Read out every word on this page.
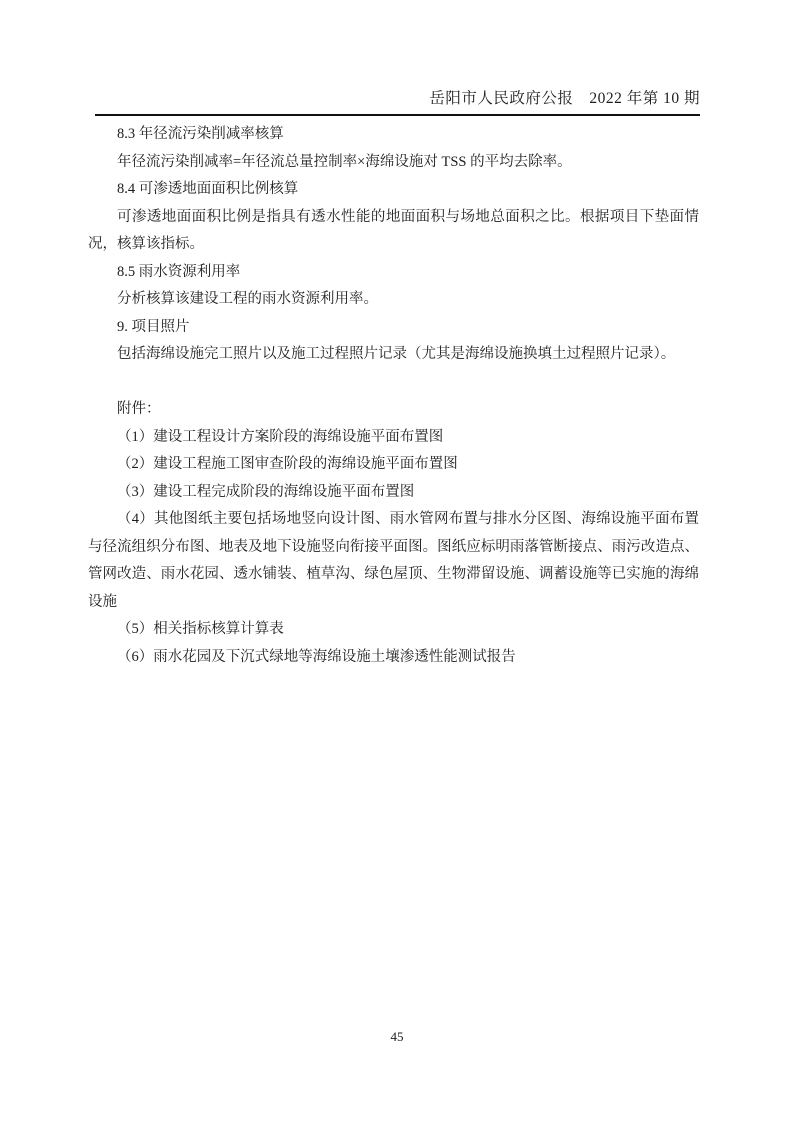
岳阳市人民政府公报　2022 年第 10 期

8.3 年径流污染削减率核算

年径流污染削减率=年径流总量控制率×海绵设施对 TSS 的平均去除率。

8.4 可渗透地面面积比例核算

可渗透地面面积比例是指具有透水性能的地面面积与场地总面积之比。根据项目下垫面情况，核算该指标。

8.5 雨水资源利用率

分析核算该建设工程的雨水资源利用率。

9. 项目照片

包括海绵设施完工照片以及施工过程照片记录（尤其是海绵设施换填土过程照片记录）。

附件：

（1）建设工程设计方案阶段的海绵设施平面布置图

（2）建设工程施工图审查阶段的海绵设施平面布置图

（3）建设工程完成阶段的海绵设施平面布置图

（4）其他图纸主要包括场地竖向设计图、雨水管网布置与排水分区图、海绵设施平面布置与径流组织分布图、地表及地下设施竖向衔接平面图。图纸应标明雨落管断接点、雨污改造点、管网改造、雨水花园、透水铺装、植草沟、绿色屋顶、生物滞留设施、调蓄设施等已实施的海绵设施

（5）相关指标核算计算表

（6）雨水花园及下沉式绿地等海绵设施土壤渗透性能测试报告

45
